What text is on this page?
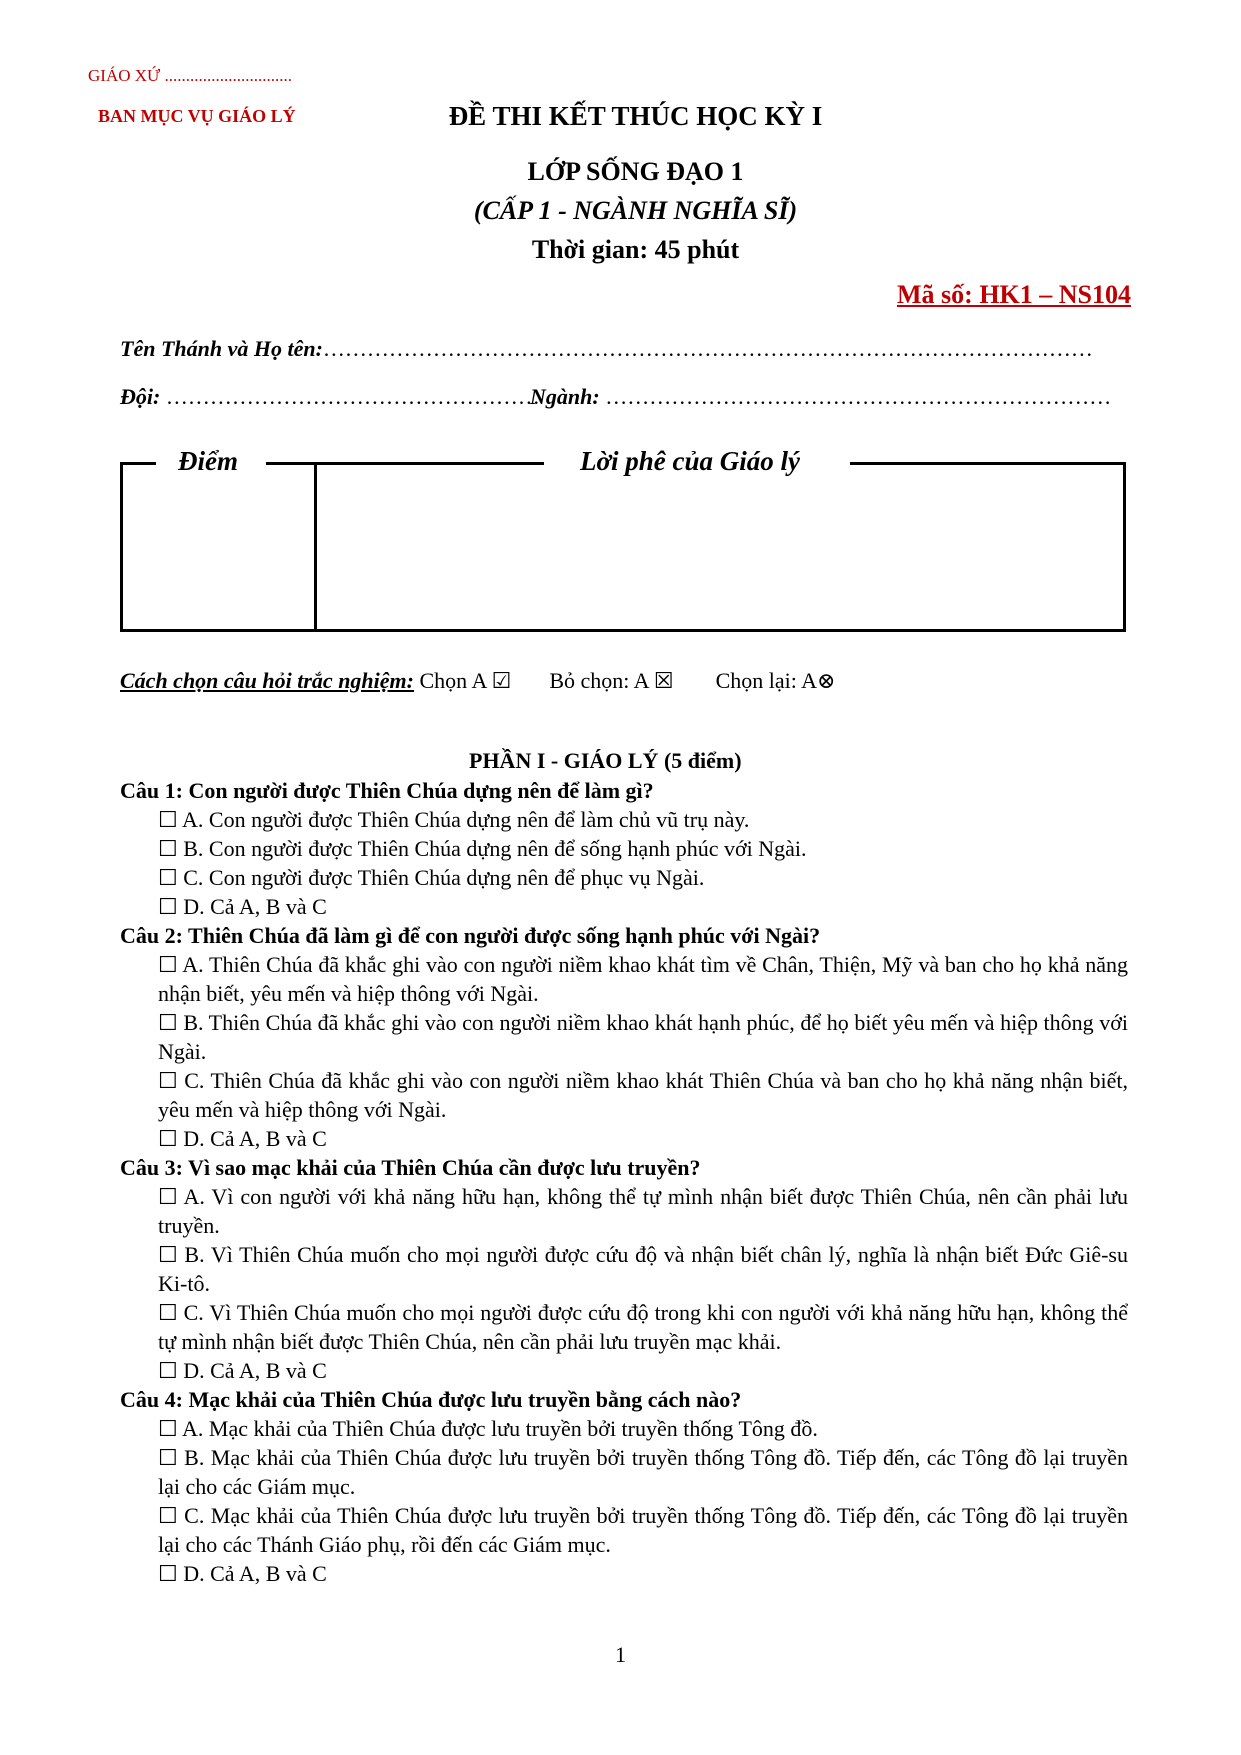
GIÁO XỨ ..............................
BAN MỤC VỤ GIÁO LÝ	ĐỀ THI KẾT THÚC HỌC KỲ I
LỚP SỐNG ĐẠO 1
(CẤP 1 - NGÀNH NGHĨA SĨ)
Thời gian: 45 phút
Mã số: HK1 – NS104
Tên Thánh và Họ tên:……………………………………………………………………………………………
Đội: ……………………………………………
Ngành: ……………………………………………………………
Điểm	Lời phê của Giáo lý
Cách chọn câu hỏi trắc nghiệm: Chọn A ☑ Bỏ chọn: A ☒ Chọn lại: A⊗
PHẦN I - GIÁO LÝ (5 điểm)
Câu 1: Con người được Thiên Chúa dựng nên để làm gì?
☐ A. Con người được Thiên Chúa dựng nên để làm chủ vũ trụ này.
☐ B. Con người được Thiên Chúa dựng nên để sống hạnh phúc với Ngài.
☐ C. Con người được Thiên Chúa dựng nên để phục vụ Ngài.
☐ D. Cả A, B và C
Câu 2: Thiên Chúa đã làm gì để con người được sống hạnh phúc với Ngài?
☐ A. Thiên Chúa đã khắc ghi vào con người niềm khao khát tìm về Chân, Thiện, Mỹ và ban cho họ khả năng nhận biết, yêu mến và hiệp thông với Ngài.
☐ B. Thiên Chúa đã khắc ghi vào con người niềm khao khát hạnh phúc, để họ biết yêu mến và hiệp thông với Ngài.
☐ C. Thiên Chúa đã khắc ghi vào con người niềm khao khát Thiên Chúa và ban cho họ khả năng nhận biết, yêu mến và hiệp thông với Ngài.
☐ D. Cả A, B và C
Câu 3: Vì sao mạc khải của Thiên Chúa cần được lưu truyền?
☐ A. Vì con người với khả năng hữu hạn, không thể tự mình nhận biết được Thiên Chúa, nên cần phải lưu truyền.
☐ B. Vì Thiên Chúa muốn cho mọi người được cứu độ và nhận biết chân lý, nghĩa là nhận biết Đức Giê-su Ki-tô.
☐ C. Vì Thiên Chúa muốn cho mọi người được cứu độ trong khi con người với khả năng hữu hạn, không thể tự mình nhận biết được Thiên Chúa, nên cần phải lưu truyền mạc khải.
☐ D. Cả A, B và C
Câu 4: Mạc khải của Thiên Chúa được lưu truyền bằng cách nào?
☐ A. Mạc khải của Thiên Chúa được lưu truyền bởi truyền thống Tông đồ.
☐ B. Mạc khải của Thiên Chúa được lưu truyền bởi truyền thống Tông đồ. Tiếp đến, các Tông đồ lại truyền lại cho các Giám mục.
☐ C. Mạc khải của Thiên Chúa được lưu truyền bởi truyền thống Tông đồ. Tiếp đến, các Tông đồ lại truyền lại cho các Thánh Giáo phụ, rồi đến các Giám mục.
☐ D. Cả A, B và C
1
